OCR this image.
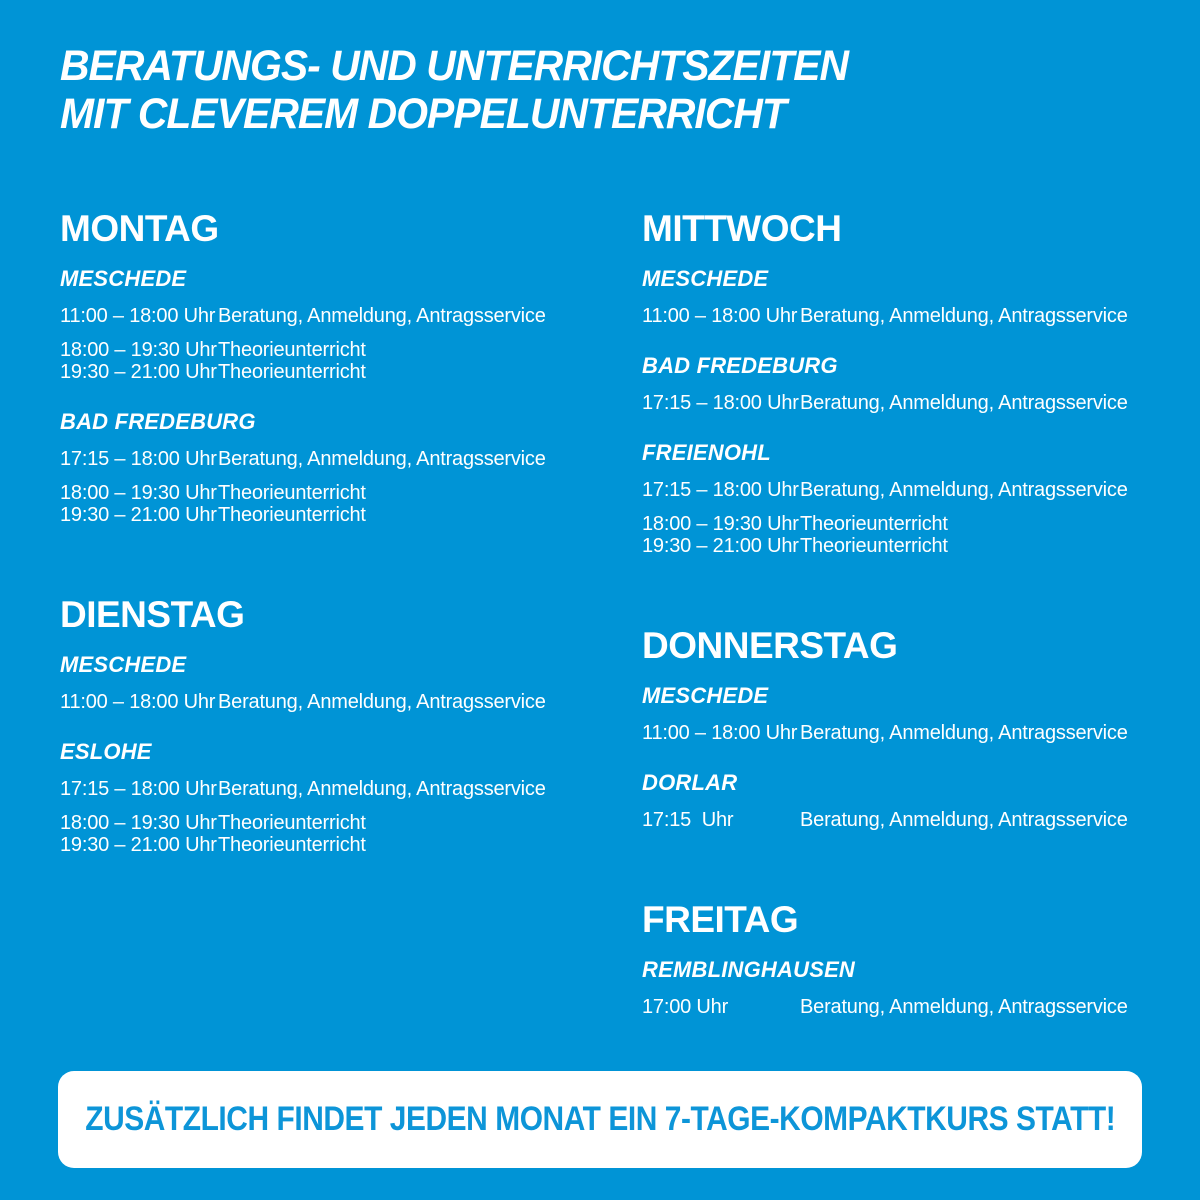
BERATUNGS- UND UNTERRICHTSZEITEN
MIT CLEVEREM DOPPELUNTERRICHT
MONTAG
MESCHEDE
11:00 – 18:00 Uhr Beratung, Anmeldung, Antragsservice
18:00 – 19:30 Uhr Theorieunterricht
19:30 – 21:00 Uhr Theorieunterricht
BAD FREDEBURG
17:15 – 18:00 Uhr Beratung, Anmeldung, Antragsservice
18:00 – 19:30 Uhr Theorieunterricht
19:30 – 21:00 Uhr Theorieunterricht
DIENSTAG
MESCHEDE
11:00 – 18:00 Uhr Beratung, Anmeldung, Antragsservice
ESLOHE
17:15 – 18:00 Uhr Beratung, Anmeldung, Antragsservice
18:00 – 19:30 Uhr Theorieunterricht
19:30 – 21:00 Uhr Theorieunterricht
MITTWOCH
MESCHEDE
11:00 – 18:00 Uhr Beratung, Anmeldung, Antragsservice
BAD FREDEBURG
17:15 – 18:00 Uhr Beratung, Anmeldung, Antragsservice
FREIENOHL
17:15 – 18:00 Uhr Beratung, Anmeldung, Antragsservice
18:00 – 19:30 Uhr Theorieunterricht
19:30 – 21:00 Uhr Theorieunterricht
DONNERSTAG
MESCHEDE
11:00 – 18:00 Uhr Beratung, Anmeldung, Antragsservice
DORLAR
17:15  Uhr	Beratung, Anmeldung, Antragsservice
FREITAG
REMBLINGHAUSEN
17:00 Uhr	Beratung, Anmeldung, Antragsservice
ZUSÄTZLICH FINDET JEDEN MONAT EIN 7-TAGE-KOMPAKTKURS STATT!
